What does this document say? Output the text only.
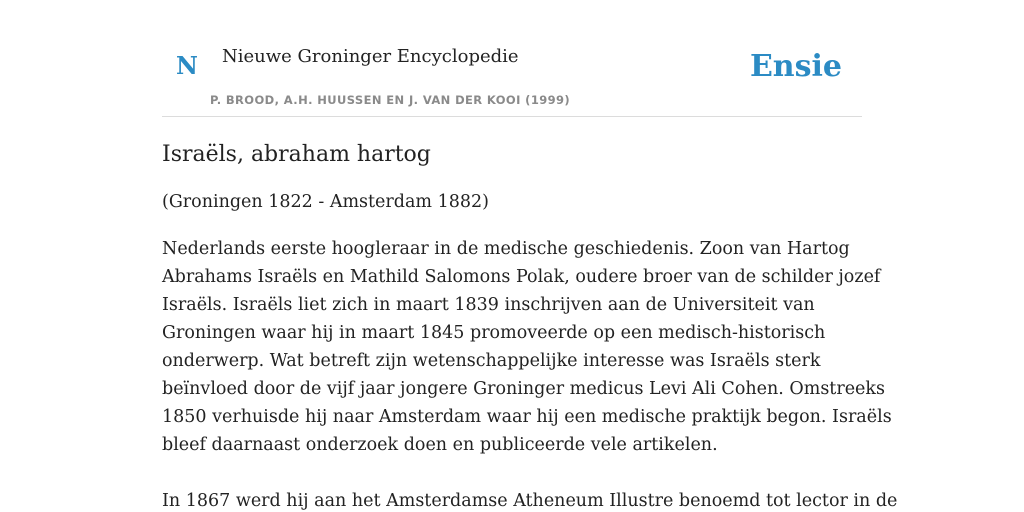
N Nieuwe Groninger Encyclopedie
P. BROOD, A.H. HUUSSEN EN J. VAN DER KOOI (1999)
Ensie
Israëls, abraham hartog

(Groningen 1822 - Amsterdam 1882)

Nederlands eerste hoogleraar in de medische geschiedenis. Zoon van Hartog
Abrahams Israëls en Mathild Salomons Polak, oudere broer van de schilder jozef
Israëls. Israëls liet zich in maart 1839 inschrijven aan de Universiteit van
Groningen waar hij in maart 1845 promoveerde op een medisch-historisch
onderwerp. Wat betreft zijn wetenschappelijke interesse was Israëls sterk
beïnvloed door de vijf jaar jongere Groninger medicus Levi Ali Cohen. Omstreeks
1850 verhuisde hij naar Amsterdam waar hij een medische praktijk begon. Israëls
bleef daarnaast onderzoek doen en publiceerde vele artikelen.

In 1867 werd hij aan het Amsterdamse Atheneum Illustre benoemd tot lector in de
